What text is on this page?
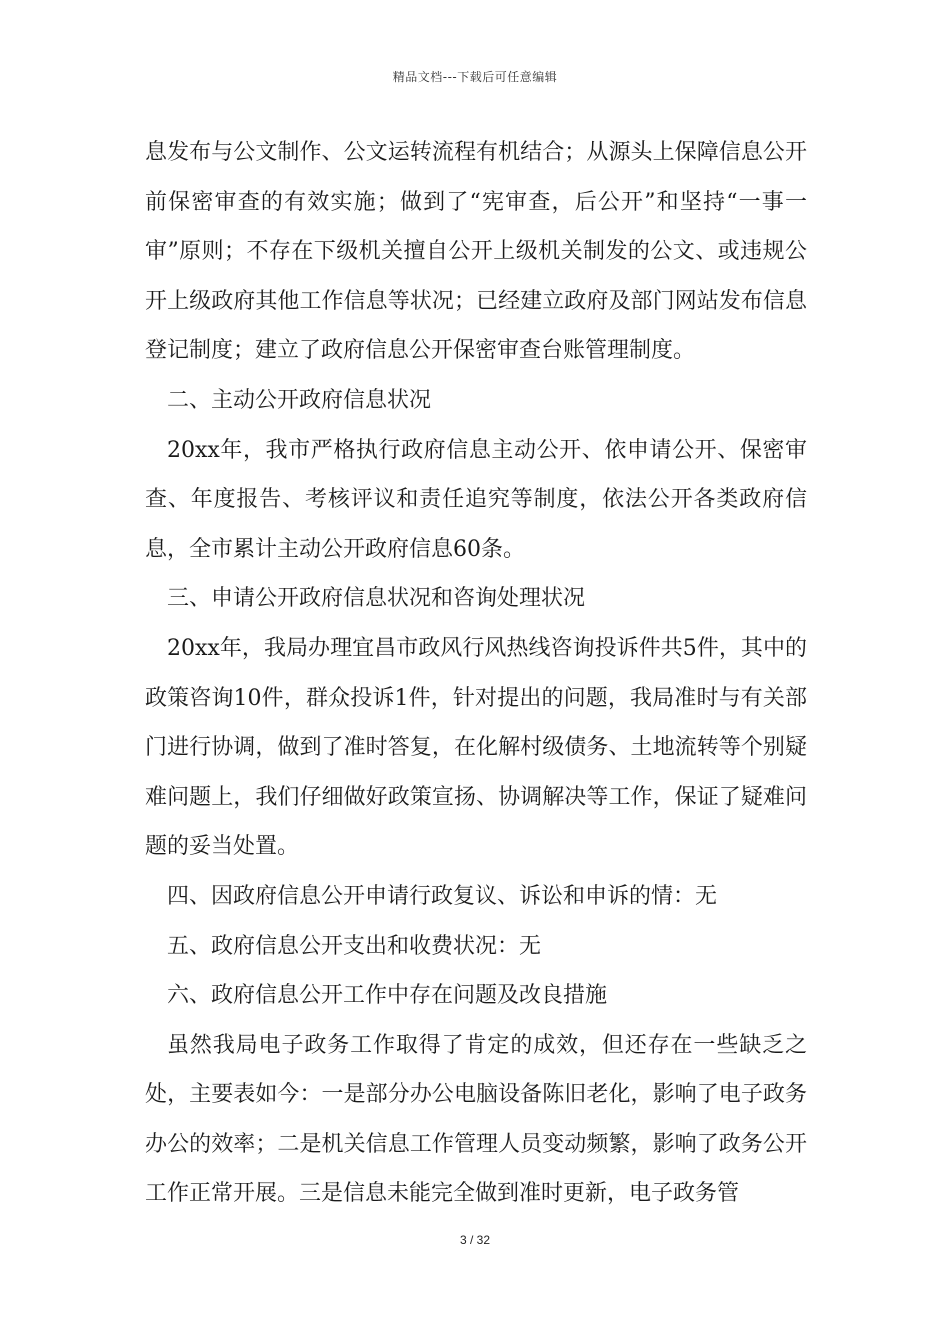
精品文档---下载后可任意编辑

息发布与公文制作、公文运转流程有机结合；从源头上保障信息公开前保密审查的有效实施；做到了“宪审查，后公开”和坚持“一事一审”原则；不存在下级机关擅自公开上级机关制发的公文、或违规公开上级政府其他工作信息等状况；已经建立政府及部门网站发布信息登记制度；建立了政府信息公开保密审查台账管理制度。

二、主动公开政府信息状况

20xx年，我市严格执行政府信息主动公开、依申请公开、保密审查、年度报告、考核评议和责任追究等制度，依法公开各类政府信息，全市累计主动公开政府信息60条。

三、申请公开政府信息状况和咨询处理状况

20xx年，我局办理宜昌市政风行风热线咨询投诉件共5件，其中的政策咨询10件，群众投诉1件，针对提出的问题，我局准时与有关部门进行协调，做到了准时答复，在化解村级债务、土地流转等个别疑难问题上，我们仔细做好政策宣扬、协调解决等工作，保证了疑难问题的妥当处置。

四、因政府信息公开申请行政复议、诉讼和申诉的情：无

五、政府信息公开支出和收费状况：无

六、政府信息公开工作中存在问题及改良措施

虽然我局电子政务工作取得了肯定的成效，但还存在一些缺乏之处，主要表如今：一是部分办公电脑设备陈旧老化，影响了电子政务办公的效率；二是机关信息工作管理人员变动频繁，影响了政务公开工作正常开展。三是信息未能完全做到准时更新，电子政务管

3 / 32
